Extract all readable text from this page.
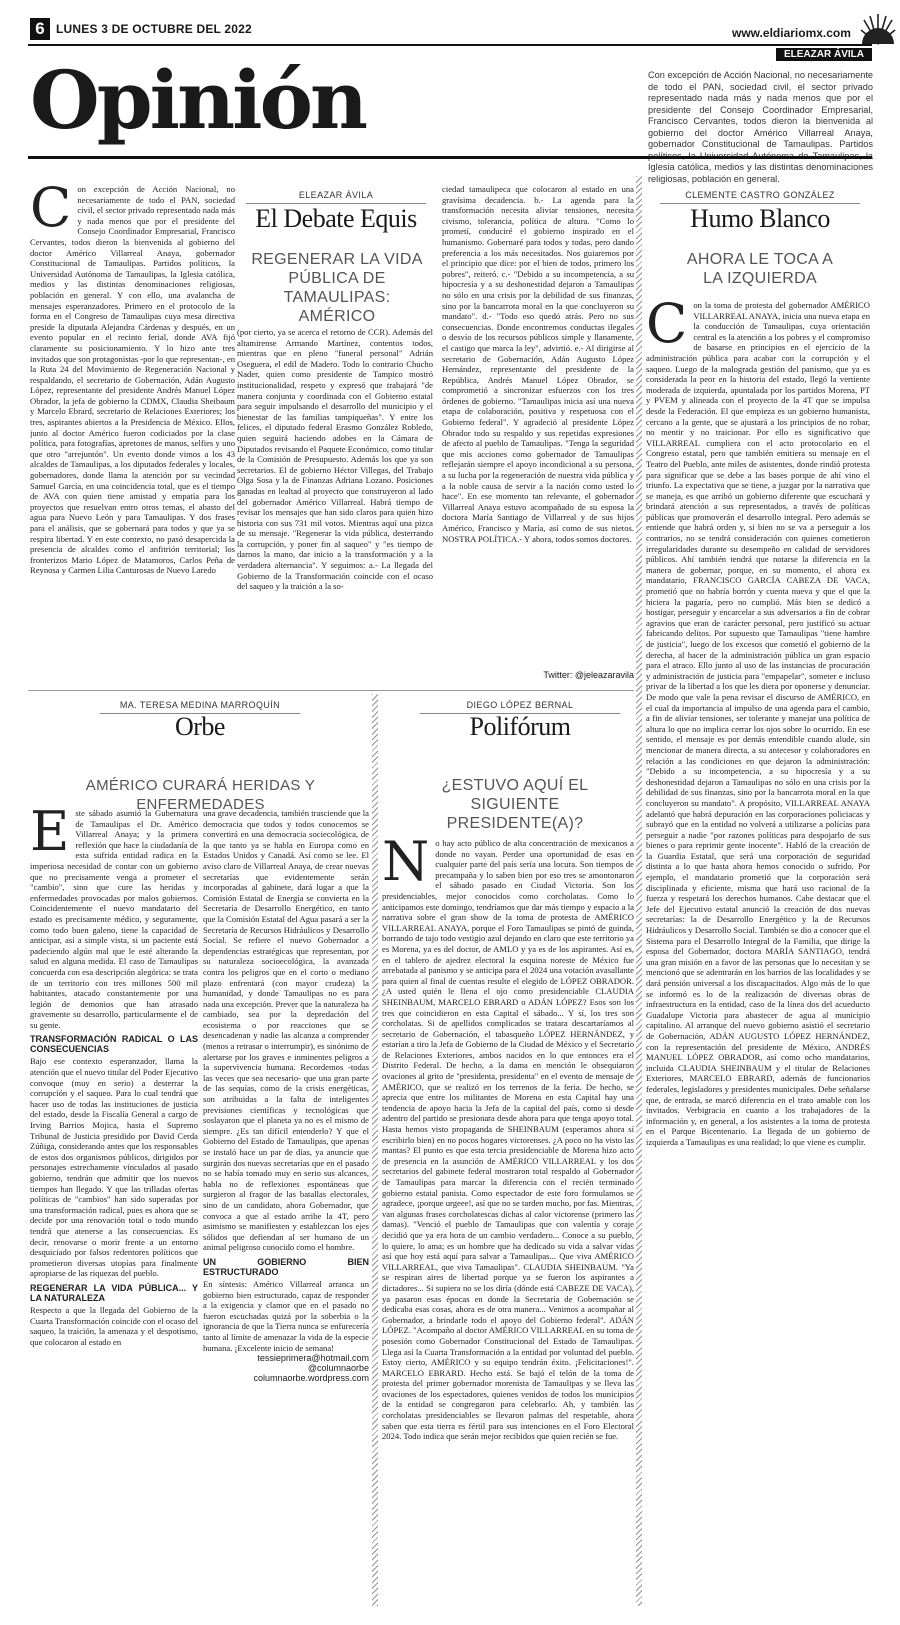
6 LUNES 3 DE OCTUBRE DEL 2022	www.eldiariomx.com
ELEAZAR ÁVILA
Opinión	Con excepción de Acción Nacional, no necesariamente de todo el PAN, sociedad civil, el sector privado representado nada más y nada menos que por el presidente del Consejo Coordinador Empresarial, Francisco Cervantes, todos dieron la bienvenida al gobierno del doctor Américo Villarreal Anaya, gobernador Constitucional de Tamaulipas. Partidos políticos, la Universidad Autónoma de Tamaulipas, la Iglesia católica, medios y las distintas denominaciones religiosas, población en general.
C on excepción de Acción Nacional, no necesariamente de todo el PAN, sociedad civil, el sector privado representado nada más y nada menos que por el presidente del Consejo Coordinador Empresarial, Francisco Cervantes, todos dieron la bienvenida al gobierno del doctor Américo Villarreal Anaya, gobernador Constitucional de Tamaulipas. Partidos políticos, la Universidad Autónoma de Tamaulipas, la Iglesia católica, medios y las distintas denominaciones religiosas, población en general. Y con ello, una avalancha de mensajes esperanzadores. Primero en el protocolo de la forma en el Congreso de Tamaulipas cuya mesa directiva preside la diputada Alejandra Cárdenas y después, en un evento popular en el recinto ferial, donde AVA fijó claramente su posicionamiento. Y lo hizo ante tres invitados que son protagonistas -por lo que representan-, en la Ruta 24 del Movimiento de Regeneración Nacional y respaldando, el secretario de Gobernación, Adán Augusto López, representante del presidente Andrés Manuel López Obrador, la jefa de gobierno la CDMX, Claudia Sheibaum y Marcelo Ebrard, secretario de Relaciones Exteriores; los tres, aspirantes abiertos a la Presidencia de México. Ellos, junto al doctor Américo fueron codiciados por la clase política, para fotografías, apretones de manos, selfies y uno que otro "arrejuntón". Un evento donde vimos a los 43 alcaldes de Tamaulipas, a los diputados federales y locales, gobernadores, donde llama la atención por su vecindad Samuel García, en una coincidencia total, que es el tiempo de AVA con quien tiene amistad y empatía para los proyectos que resuelvan entro otros temas, el abasto del agua para Nuevo León y para Tamaulipas. Y dos frases para el análisis, que se gobernará para todos y que ya se respira libertad. Y en este contexto, no pasó desapercida la presencia de alcaldes como el anfitrión territorial; los fronterizos Mario López de Matamoros, Carlos Peña de Reynosa y Carmen Lilia Canturosas de Nuevo Laredo
ELEAZAR ÁVILA
El Debate Equis
REGENERAR LA VIDA PÚBLICA DE TAMAULIPAS: AMÉRICO
(por cierto, ya se acerca el retorno de CCR). Además del altamirense Armando Martínez, contentos todos, mientras que en pleno "funeral personal" Adrián Oseguera, el edil de Madero. Todo lo contrario Chucho Nader, quien como presidente de Tampico mostró institucionalidad, respeto y expresó que trabajará "de manera conjunta y coordinada con el Gobierno estatal para seguir impulsando el desarrollo del municipio y el bienestar de las familias tampiqueñas". Y entre los felices, el diputado federal Erasmo González Robledo, quien seguirá haciendo adobes en la Cámara de Diputados revisando el Paquete Económico, como titular de la Comisión de Presupuesto. Además los que ya son secretarios. El de gobierno Héctor Villegas, del Trabajo Olga Sosa y la de Finanzas Adriana Lozano. Posiciones ganadas en lealtad al proyecto que construyeron al lado del gobernador Américo Villarreal. Habrá tiempo de revisar los mensajes que han sido claros para quien hizo historia con sus 731 mil votos. Mientras aquí una pizca de su mensaje. "Regenerar la vida pública, desterrando la corrupción, y poner fin al saqueo" y "es tiempo de darnos la mano, dar inicio a la transformación y a la verdadera alternancia". Y seguimos: a.- La llegada del Gobierno de la Transformación coincide con el ocaso del saqueo y la traición a la so-
ciedad tamaulipeca que colocaron al estado en una gravísima decadencia. b.- La agenda para la transformación necesita aliviar tensiones, necesita civismo, tolerancia, política de altura. "Como lo prometí, conduciré el gobierno inspirado en el humanismo. Gobernaré para todos y todas, pero dando preferencia a los más necesitados. Nos guiaremos por el principio que dice: por el bien de todos, primero los pobres", reiteró. c.- "Debido a su incompetencia, a su hipocresía y a su deshonestidad dejaron a Tamaulipas no sólo en una crisis por la debilidad de sus finanzas, sino por la bancarrota moral en la que concluyeron su mandato". d.- "Todo eso quedó atrás. Pero no sus consecuencias. Donde encontremos conductas ilegales o desvío de los recursos públicos simple y llanamente, el castigo que marca la ley", advirtió. e.- Al dirigirse al secretario de Gobernación, Adán Augusto López Hernández, representante del presidente de la República, Andrés Manuel López Obrador, se comprometió a sincronizar esfuerzos con los tres órdenes de gobierno. "Tamaulipas inicia así una nueva etapa de colaboración, positiva y respetuosa con el Gobierno federal". Y agradeció al presidente López Obrador todo su respaldo y sus repetidas expresiones de afecto al pueblo de Tamaulipas. "Tenga la seguridad que mis acciones como gobernador de Tamaulipas reflejarán siempre el apoyo incondicional a su persona, a su lucha por la regeneración de nuestra vida pública y a la noble causa de servir a la nación como usted lo hace". En ese momento tan relevante, el gobernador Villarreal Anaya estuvo acompañado de su esposa la doctora María Santiago de Villarreal y de sus hijos Américo, Francisco y María, así como de sus nietos. NOSTRA POLÍTICA.- Y ahora, todos somos doctores.
Twitter: @jeleazaravila
CLEMENTE CASTRO GONZÁLEZ
Humo Blanco
AHORA LE TOCA A LA IZQUIERDA
C on la toma de protesta del gobernador AMÉRICO VILLARREAL ANAYA, inicia una nueva etapa en la conducción de Tamaulipas, cuya orientación central es la atención a los pobres y el compromiso de basarse en principios en el ejercicio de la administración pública para acabar con la corrupción y el saqueo. Luego de la malograda gestión del panismo, que ya es considerada la peor en la historia del estado, llegó la vertiente moderada de izquierda, apuntalada por los partidos Morena, PT y PVEM y alineada con el proyecto de la 4T que se impulsa desde la Federación. El que empieza es un gobierno humanista, cercano a la gente, que se ajustará a los principios de no robar, no mentir y no traicionar. Por ello es significativo que VILLARREAL cumpliera con el acto protocolario en el Congreso estatal, pero que también emitiera su mensaje en el Teatro del Pueblo, ante miles de asistentes, donde rindió protesta para significar que se debe a las bases porque de ahí vino el triunfo. La expectativa que se tiene, a juzgar por la narrativa que se maneja, es que arribó un gobierno diferente que escuchará y brindará atención a sus representados, a través de políticas públicas que promoverán el desarrollo integral. Pero además se entiende que habrá orden y, si bien no se va a perseguir a los contrarios, no se tendrá consideración con quienes cometieron irregularidades durante su desempeño en calidad de servidores públicos. Ahí también tendrá que notarse la diferencia en la manera de gobernar, porque, en su momento, el ahora ex mandatario, FRANCISCO GARCÍA CABEZA DE VACA, prometió que no habría borrón y cuenta nueva y que el que la hiciera la pagaría, pero no cumplió. Más bien se dedicó a hostigar, perseguir y encarcelar a sus adversarios a fin de cobrar agravios que eran de carácter personal, pero justificó su actuar fabricando delitos. Por supuesto que Tamaulipas "tiene hambre de justicia", luego de los excesos que cometió el gobierno de la derecha, al hacer de la administración pública un gran espacio para el atraco. Ello junto al uso de las instancias de procuración y administración de justicia para "empapelar", someter e incluso privar de la libertad a los que les diera por oponerse y denunciar. De modo que vale la pena revisar el discurso de AMÉRICO, en el cual da importancia al impulso de una agenda para el cambio, a fin de aliviar tensiones, ser tolerante y manejar una política de altura lo que no implica cerrar los ojos sobre lo ocurrido. En ese sentido, el mensaje es por demás entendible cuando alude, sin mencionar de manera directa, a su antecesor y colaboradores en relación a las condiciones en que dejaron la administración: "Debido a su incompetencia, a su hipocresía y a su deshonestidad dejaron a Tamaulipas no sólo en una crisis por la debilidad de sus finanzas, sino por la bancarrota moral en la que concluyeron su mandato". A propósito, VILLARREAL ANAYA adelantó que habrá depuración en las corporaciones policiacas y subrayó que en la entidad no volverá a utilizarse a policías para perseguir a nadie "por razones políticas para despojarlo de sus bienes o para reprimir gente inocente". Habló de la creación de la Guardia Estatal, que será una corporación de seguridad distinta a lo que hasta ahora hemos conocido o sufrido. Por ejemplo, el mandatario prometió que la corporación será disciplinada y eficiente, misma que hará uso racional de la fuerza y respetará los derechos humanos. Cabe destacar que el Jefe del Ejecutivo estatal anunció la creación de dos nuevas secretarías: la de Desarrollo Energético y la de Recursos Hidráulicos y Desarrollo Social. También se dio a conocer que el Sistema para el Desarrollo Integral de la Familia, que dirige la esposa del Gobernador, doctora MARÍA SANTIAGO, tendrá una gran misión en a favor de las personas que lo necesitan y se mencionó que se adentrarán en los barrios de las localidades y se dará pensión universal a los discapacitados. Algo más de lo que se informó es lo de la realización de diversas obras de infraestructura en la entidad, caso de la línea dos del acueducto Guadalupe Victoria para abastecer de agua al municipio capitalino. Al arranque del nuevo gobierno asistió el secretario de Gobernación, ADÁN AUGUSTO LÓPEZ HERNÁNDEZ, con la representación del presidente de México, ANDRÉS MANUEL LÓPEZ OBRADOR, así como ocho mandatarios, incluida CLAUDIA SHEINBAUM y el titular de Relaciones Exteriores, MARCELO EBRARD, además de funcionarios federales, legisladores y presidentes municipales. Debe señalarse que, de entrada, se marcó diferencia en el trato amable con los invitados. Verbigracia en cuanto a los trabajadores de la información y, en general, a los asistentes a la toma de protesta en el Parque Bicentenario. La llegada de un gobierno de izquierda a Tamaulipas es una realidad; lo que viene es cumplir.
MA. TERESA MEDINA MARROQUÍN
Orbe
AMÉRICO CURARÁ HERIDAS Y ENFERMEDADES
E ste sábado asumió la Gubernatura de Tamaulipas el Dr. Américo Villarreal Anaya; y la primera reflexión que hace la ciudadanía de esta sufrida entidad radica en la imperiosa necesidad de contar con un gobierno que no precisamente venga a prometer el "cambio", sino que cure las heridas y enfermedades provocadas por malos gobiernos. Coincidentemente el nuevo mandatario del estado es precisamente médico, y seguramente, como todo buen galeno, tiene la capacidad de anticipar, así a simple vista, si un paciente está padeciendo algún mal que le esté alterando la salud en alguna medida. El caso de Tamaulipas concuerda con esa descripción alegórica: se trata de un territorio con tres millones 500 mil habitantes, atacado constantemente por una legión de demonios que han atrasado gravemente su desarrollo, particularmente el de su gente.
TRANSFORMACIÓN RADICAL O LAS CONSECUENCIAS
Bajo ese contexto esperanzador, llama la atención que el nuevo titular del Poder Ejecutivo convoque (muy en serio) a desterrar la corrupción y el saqueo. Para lo cual tendrá que hacer uso de todas las instituciones de justicia del estado, desde la Fiscalía General a cargo de Irving Barrios Mojica, hasta el Supremo Tribunal de Justicia presidido por David Cerda Zúñiga, considerando antes que los responsables de estos dos organismos públicos, dirigidos por personajes estrechamente vinculados al pasado gobierno, tendrán que admitir que los nuevos tiempos han llegado. Y que las trilladas ofertas políticas de "cambios" han sido superadas por una transformación radical, pues es ahora que se decide por una renovación total o todo mundo tendrá que atenerse a las consecuencias. Es decir, renovarse o morir frente a un entorno desquiciado por falsos redentores políticos que prometieron diversas utopías para finalmente apropiarse de las riquezas del pueblo.
REGENERAR LA VIDA PÚBLICA... Y LA NATURALEZA
Respecto a que la llegada del Gobierno de la Cuarta Transformación coincide con el ocaso del saqueo, la traición, la amenaza y el despotismo, que colocaron al estado en
una grave decadencia, también trasciende que la democracia que todos y todos conocemos se convertirá en una democracia sociecológica, de la que tanto ya se habla en Europa como en Estados Unidos y Canadá. Así como se lee. El aviso claro de Villarreal Anaya, de crear nuevas secretarías que evidentemente serán incorporadas al gabinete, dará lugar a que la Comisión Estatal de Energía se convierta en la Secretaría de Desarrollo Energético, en tanto que la Comisión Estatal del Agua pasará a ser la Secretaría de Recursos Hidráulicos y Desarrollo Social. Se refiere el nuevo Gobernador a dependencias estratégicas que representan, por su naturaleza socioecológica, la avanzada contra los peligros que en el corto o mediano plazo enfrentará (con mayor crudeza) la humanidad, y donde Tamaulipas no es para nada una excepción. Prever que la naturaleza ha cambiado, sea por la depredación del ecosistema o por reacciones que se desencadenan y nadie las alcanza a comprender (menos a retrasar o interrumpir), es sinónimo de alertarse por los graves e inminentes peligros a la supervivencia humana. Recordemos -todas las veces que sea necesario- que una gran parte de las sequías, como de la crisis energéticas, son atribuidas a la falta de inteligentes previsiones científicas y tecnológicas que soslayaron que el planeta ya no es el mismo de siempre. ¿Es tan difícil entenderlo? Y que el Gobierno del Estado de Tamaulipas, que apenas se instaló hace un par de días, ya anuncie que surgirán dos nuevas secretarías que en el pasado no se había tomado muy en serio sus alcances, habla no de reflexiones espontáneas que surgieron al fragor de las batallas electorales, sino de un candidato, ahora Gobernador, que convoca a que al estado arribe la 4T, pero asimismo se manifiesten y establezcan los ejes sólidos que defiendan al ser humano de un animal peligroso conocido como el hombre.
UN GOBIERNO BIEN ESTRUCTURADO
En síntesis: Américo Villarreal arranca un gobierno bien estructurado, capaz de responder a la exigencia y clamor que en el pasado no fueron escuchadas quizá por la soberbia o la ignorancia de que la Tierra nunca se enfurecería tanto al límite de amenazar la vida de la especie humana. ¡Excelente inicio de semana!
tessieprimera@hotmail.com
@columnaorbe
columnaorbe.wordpress.com
DIEGO LÓPEZ BERNAL
Polifórum
¿ESTUVO AQUÍ EL SIGUIENTE PRESIDENTE(A)?
N o hay acto público de alta concentración de mexicanos a donde no vayan. Perder una oportunidad de esas en cualquier parte del país sería una locura. Son tiempos de precampaña y lo saben bien por eso tres se amontonaron el sábado pasado en Ciudad Victoria. Son los presidenciables, mejor conocidos como corcholatas. Como lo anticipamos este domingo, tendríamos que dar más tiempo y espacio a la narrativa sobre el gran show de la toma de protesta de AMÉRICO VILLARREAL ANAYA, porque el Foro Tamaulipas se pintó de guinda, borrando de tajo todo vestigio azul dejando en claro que este territorio ya es Morena, ya es del doctor, de AMLO y ya es de los aspirantes. Así es, en el tablero de ajedrez electoral la esquina noreste de México fue arrebatada al panismo y se anticipa para el 2024 una votación avasallante para quien al final de cuentas resulte el elegido de LÓPEZ OBRADOR. ¿A usted quién le llena el ojo como presidenciable CLAUDIA SHEINBAUM, MARCELO EBRARD o ADÁN LÓPEZ? Esos son los tres que coincidieron en esta Capital el sábado... Y sí, los tres son corcholatas. Si de apellidos complicados se tratara descartaríamos al secretario de Gobernación, el tabasqueño LÓPEZ HERNÁNDEZ, y estarían a tiro la Jefa de Gobierno de la Ciudad de México y el Secretario de Relaciones Exteriores, ambos nacidos en lo que entonces era el Distrito Federal. De hecho, a la dama en mención le obsequiaron ovaciones al grito de "presidenta, presidenta" en el evento de mensaje de AMÉRICO, que se realizó en los terrenos de la feria. De hecho, se aprecia que entre los militantes de Morena en esta Capital hay una tendencia de apoyo hacia la Jefa de la capital del país, como si desde adentro del partido se presionara desde ahora para que tenga apoyo total. Hasta hemos visto propaganda de SHEINBAUM (esperamos ahora sí escribirlo bien) en no pocos hogares victorenses. ¿A poco no ha visto las mantas? El punto es que esta tercia presidenciable de Morena hizo acto de presencia en la asunción de AMÉRICO VILLARREAL y los dos secretarios del gabinete federal mostraron total respaldo al Gobernador de Tamaulipas para marcar la diferencia con el recién terminado gobierno estatal panista. Como espectador de este foro formulamos se agradece, ¡porque urgeee!, así que no se tarden mucho, por fas. Mientras, van algunas frases corcholatescas dichas al calor victorense (primero las damas). "Venció el pueblo de Tamaulipas que con valentía y coraje decidió que ya era hora de un cambio verdadero... Conoce a su pueblo, lo quiere, lo ama; es un hombre que ha dedicado su vida a salvar vidas así que hoy está aquí para salvar a Tamaulipas... Que viva AMÉRICO VILLARREAL, que viva Tamaulipas". CLAUDIA SHEINBAUM. "Ya se respiran aires de libertad porque ya se fueron los aspirantes a dictadores... Si supiera no se los diría (dónde está CABEZE DE VACA), ya pasaron esas épocas en donde la Secretaría de Gobernación se dedicaba esas cosas, ahora es de otra manera... Venimos a acompañar al Gobernador, a brindarle todo el apoyo del Gobierno federal". ADÁN LÓPEZ. "Acompaño al doctor AMÉRICO VILLARREAL en su toma de posesión como Gobernador Constitucional del Estado de Tamaulipas. Llega así la Cuarta Transformación a la entidad por voluntad del pueblo. Estoy cierto, AMÉRICO y su equipo tendrán éxito. ¡Felicitaciones!". MARCELO EBRARD. Hecho está. Se bajó el telón de la toma de protesta del primer gobernador morenista de Tamaulipas y se lleva las ovaciones de los espectadores, quienes venidos de todos los municipios de la entidad se congregaron para celebrarlo. Ah, y también las corcholatas presidenciables se llevaron palmas del respetable, ahora saben que esta tierra es fértil para sus intenciones en el Foro Electoral 2024. Todo indica que serán mejor recibidos que quien recién se fue.
